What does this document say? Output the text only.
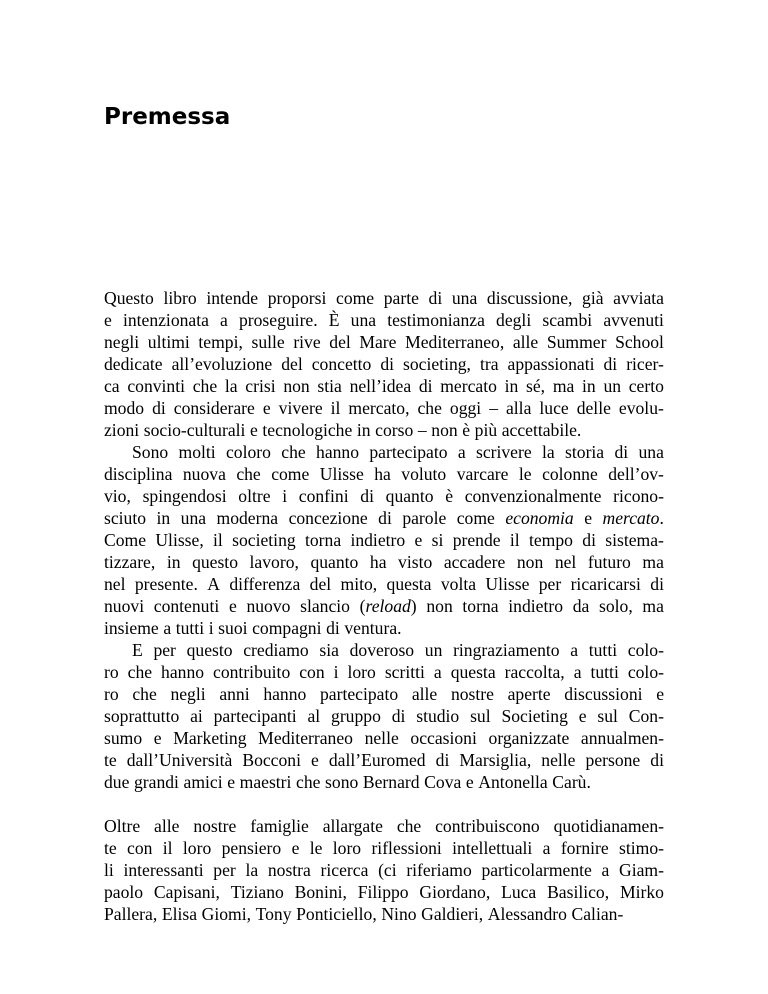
Premessa
Questo libro intende proporsi come parte di una discussione, già avviata
e intenzionata a proseguire. È una testimonianza degli scambi avvenuti
negli ultimi tempi, sulle rive del Mare Mediterraneo, alle Summer School
dedicate all’evoluzione del concetto di societing, tra appassionati di ricer-
ca convinti che la crisi non stia nell’idea di mercato in sé, ma in un certo
modo di considerare e vivere il mercato, che oggi – alla luce delle evolu-
zioni socio-culturali e tecnologiche in corso – non è più accettabile.
Sono molti coloro che hanno partecipato a scrivere la storia di una
disciplina nuova che come Ulisse ha voluto varcare le colonne dell’ov-
vio, spingendosi oltre i confini di quanto è convenzionalmente ricono-
sciuto in una moderna concezione di parole come economia e mercato.
Come Ulisse, il societing torna indietro e si prende il tempo di sistema-
tizzare, in questo lavoro, quanto ha visto accadere non nel futuro ma
nel presente. A differenza del mito, questa volta Ulisse per ricaricarsi di
nuovi contenuti e nuovo slancio (reload) non torna indietro da solo, ma
insieme a tutti i suoi compagni di ventura.
E per questo crediamo sia doveroso un ringraziamento a tutti colo-
ro che hanno contribuito con i loro scritti a questa raccolta, a tutti colo-
ro che negli anni hanno partecipato alle nostre aperte discussioni e
soprattutto ai partecipanti al gruppo di studio sul Societing e sul Con-
sumo e Marketing Mediterraneo nelle occasioni organizzate annualmen-
te dall’Università Bocconi e dall’Euromed di Marsiglia, nelle persone di
due grandi amici e maestri che sono Bernard Cova e Antonella Carù.
Oltre alle nostre famiglie allargate che contribuiscono quotidianamen-
te con il loro pensiero e le loro riflessioni intellettuali a fornire stimo-
li interessanti per la nostra ricerca (ci riferiamo particolarmente a Giam-
paolo Capisani, Tiziano Bonini, Filippo Giordano, Luca Basilico, Mirko
Pallera, Elisa Giomi, Tony Ponticiello, Nino Galdieri, Alessandro Calian-
